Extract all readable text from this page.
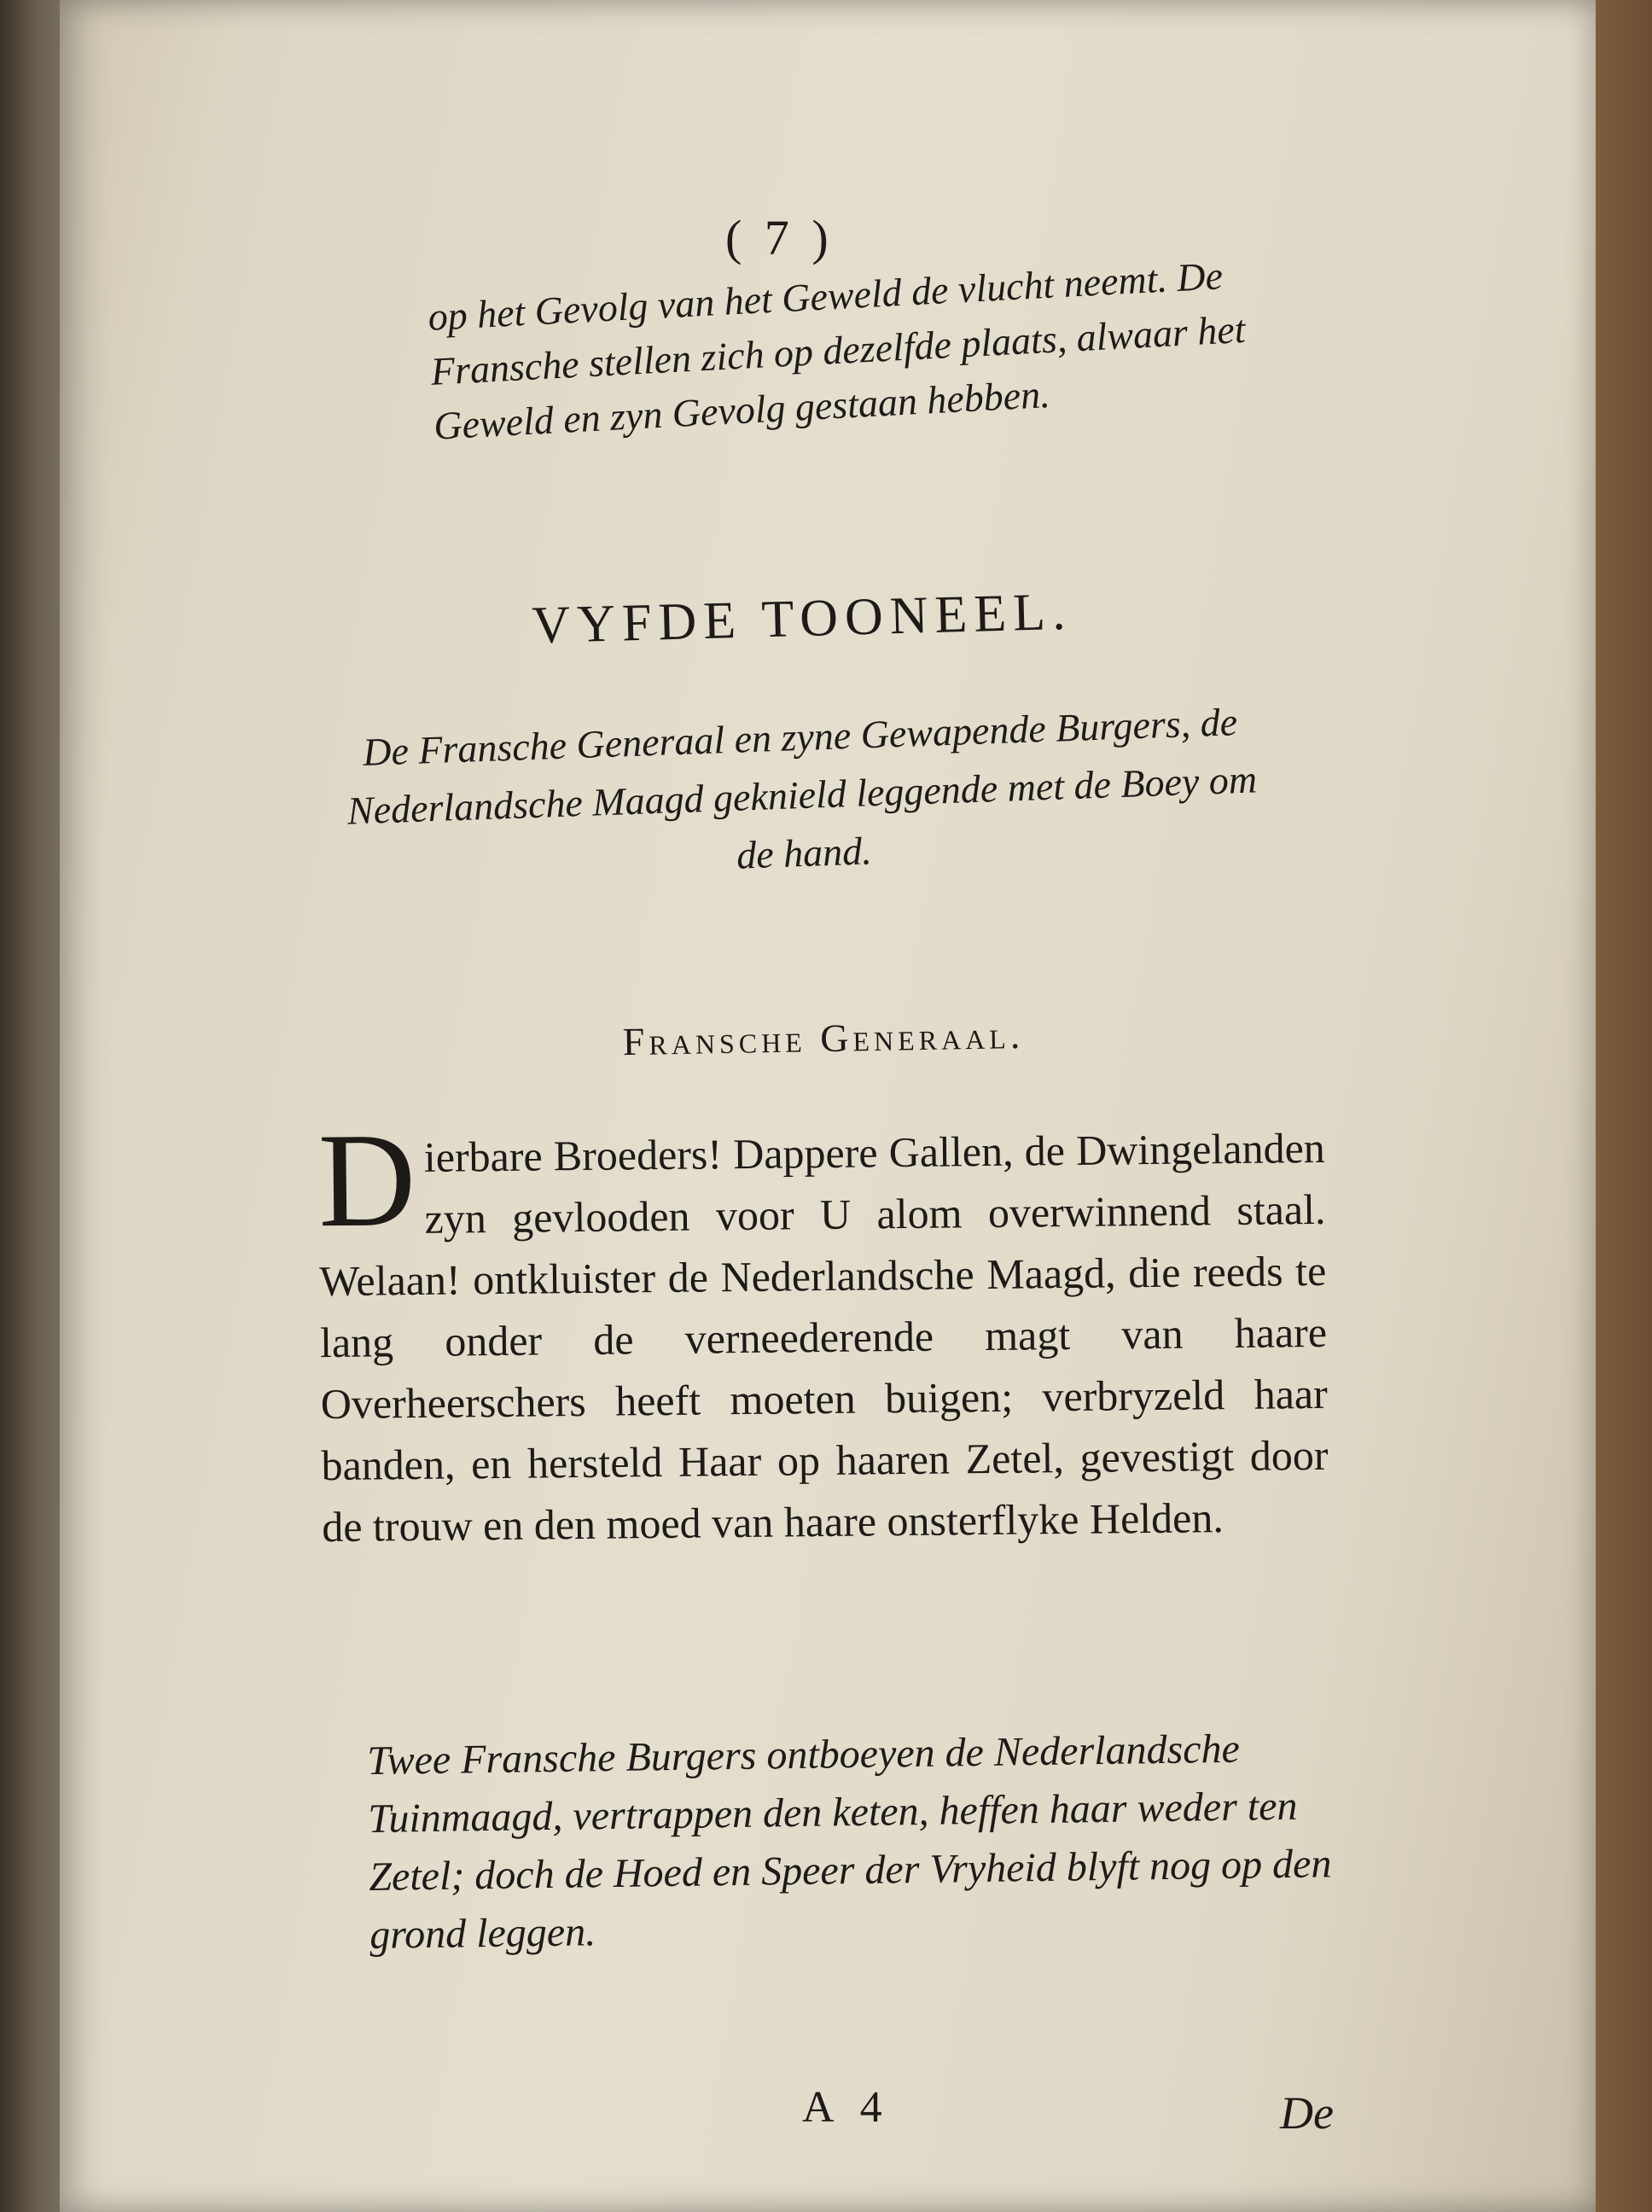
( 7 )
op het Gevolg van het Geweld de vlucht neemt. De Fransche stellen zich op dezelfde plaats, alwaar het Geweld en zyn Gevolg gestaan hebben.
VYFDE TOONEEL.
De Fransche Generaal en zyne Gewapende Burgers, de Nederlandsche Maagd geknield leggende met de Boey om de hand.
Fransche Generaal.
Dierbare Broeders! Dappere Gallen, de Dwingelanden zyn gevlooden voor U alom overwinnend staal. Welaan! ontkluister de Nederlandsche Maagd, die reeds te lang onder de verneederende magt van haare Overheerschers heeft moeten buigen; verbryzeld haar banden, en hersteld Haar op haaren Zetel, gevestigt door de trouw en den moed van haare onsterflyke Helden.
Twee Fransche Burgers ontboeyen de Nederlandsche Tuinmaagd, vertrappen den keten, heffen haar weder ten Zetel; doch de Hoed en Speer der Vryheid blyft nog op den grond leggen.
A 4	De
